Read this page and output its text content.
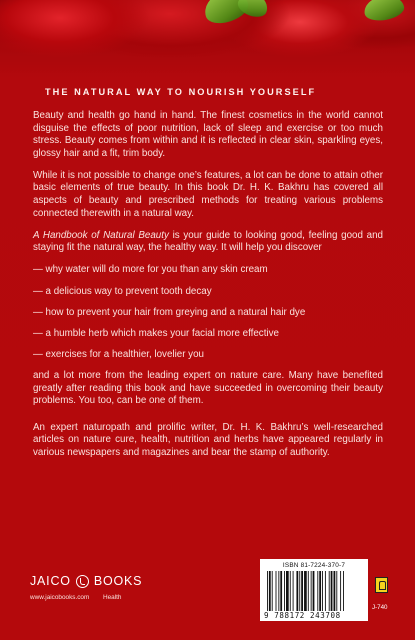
THE NATURAL WAY TO NOURISH YOURSELF

Beauty and health go hand in hand. The finest cosmetics in the world cannot disguise the effects of poor nutrition, lack of sleep and exercise or too much stress. Beauty comes from within and it is reflected in clear skin, sparkling eyes, glossy hair and a fit, trim body.

While it is not possible to change one’s features, a lot can be done to attain other basic elements of true beauty. In this book Dr. H. K. Bakhru has covered all aspects of beauty and prescribed methods for treating various problems connected therewith in a natural way.

A Handbook of Natural Beauty is your guide to looking good, feeling good and staying fit the natural way, the healthy way. It will help you discover

— why water will do more for you than any skin cream
— a delicious way to prevent tooth decay
— how to prevent your hair from greying and a natural hair dye
— a humble herb which makes your facial more effective
— exercises for a healthier, lovelier you

and a lot more from the leading expert on nature care. Many have benefited greatly after reading this book and have succeeded in overcoming their beauty problems. You too, can be one of them.

An expert naturopath and prolific writer, Dr. H. K. Bakhru’s well-researched articles on nature cure, health, nutrition and herbs have appeared regularly in various newspapers and magazines and bear the stamp of authority.

JAICO BOOKS
www.jaicobooks.com Health
ISBN 81-7224-370-7
9 788172 243708
J-740
